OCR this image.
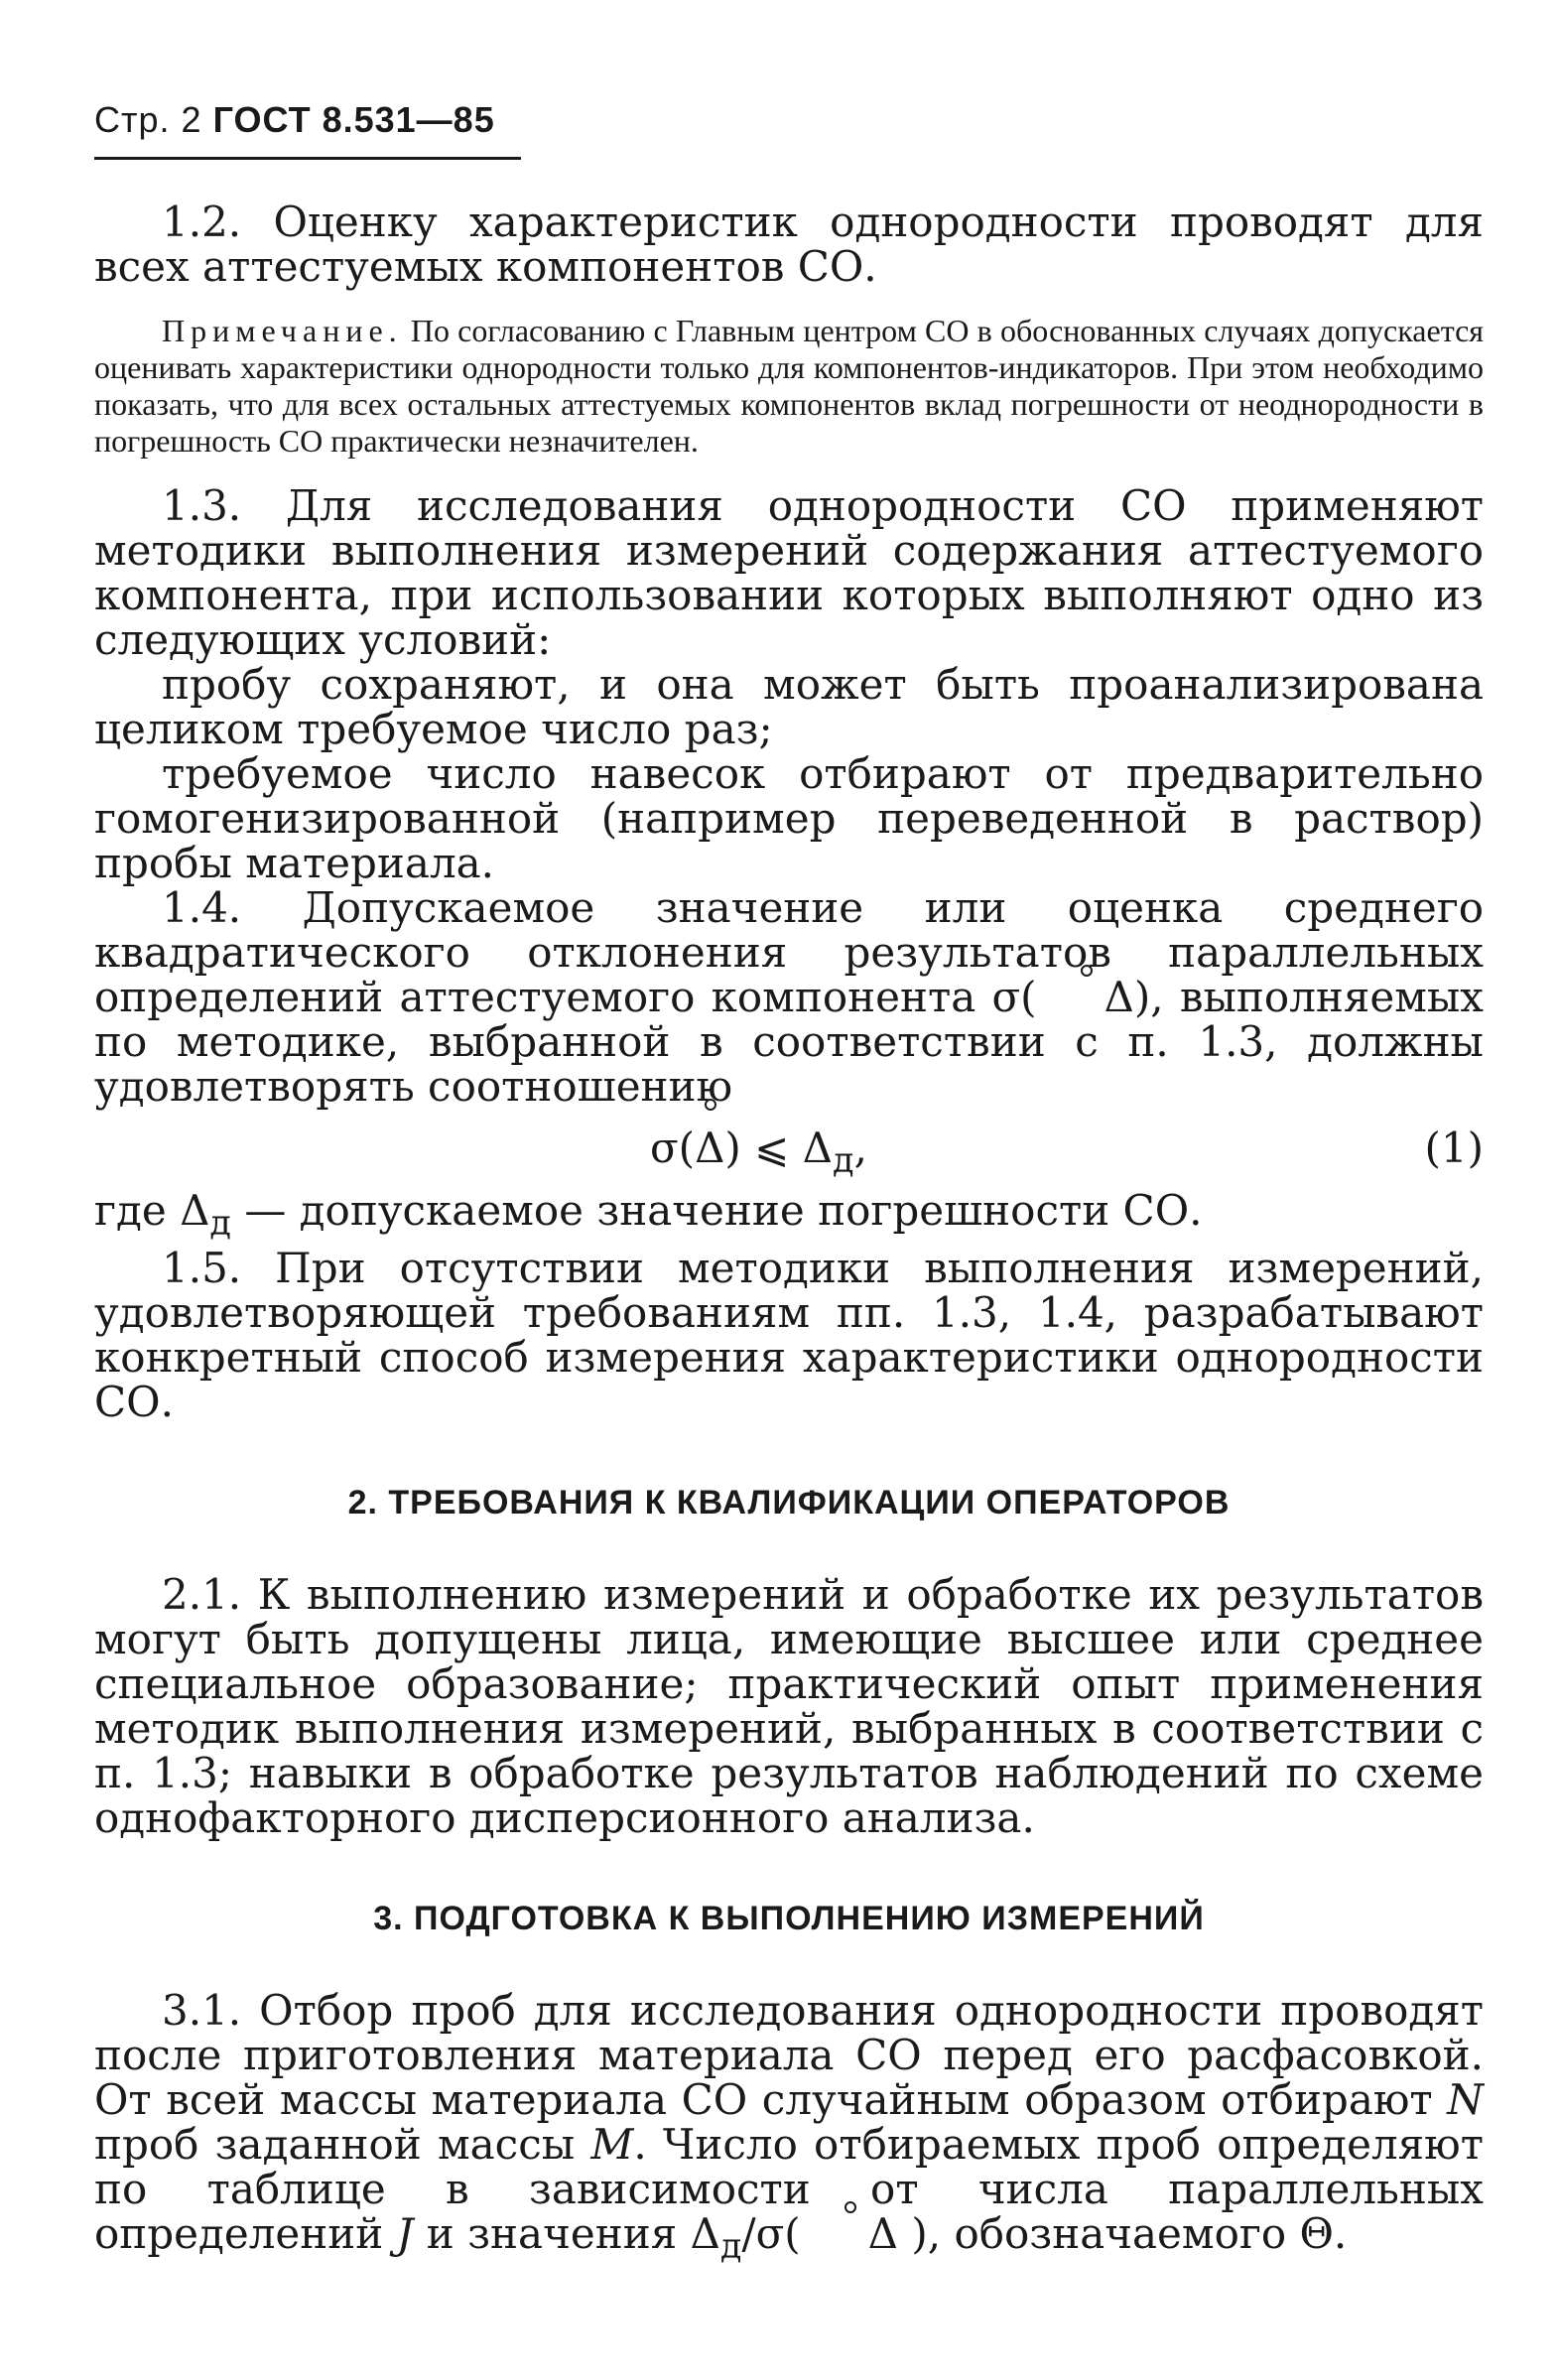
Стр. 2 ГОСТ 8.531—85

1.2. Оценку характеристик однородности проводят для всех аттестуемых компонентов СО.

Примечание. По согласованию с Главным центром СО в обоснованных случаях допускается оценивать характеристики однородности только для компонентов-индикаторов. При этом необходимо показать, что для всех остальных аттестуемых компонентов вклад погрешности от неоднородности в погрешность СО практически незначителен.

1.3. Для исследования однородности СО применяют методики выполнения измерений содержания аттестуемого компонента, при использовании которых выполняют одно из следующих условий:

пробу сохраняют, и она может быть проанализирована целиком требуемое число раз;

требуемое число навесок отбирают от предварительно гомогенизированной (например переведенной в раствор) пробы материала.

1.4. Допускаемое значение или оценка среднего квадратического отклонения результатов параллельных определений аттестуемого компонента σ( Δ), выполняемых по методике, выбранной в соответствии с п. 1.3, должны удовлетворять соотношению

σ(Δ) ⩽ $\Delta_д$,	(1)

где $\Delta_д$ — допускаемое значение погрешности СО.

1.5. При отсутствии методики выполнения измерений, удовлетворяющей требованиям пп. 1.3, 1.4, разрабатывают конкретный способ измерения характеристики однородности СО.

2. ТРЕБОВАНИЯ К КВАЛИФИКАЦИИ ОПЕРАТОРОВ

2.1. К выполнению измерений и обработке их результатов могут быть допущены лица, имеющие высшее или среднее специальное образование; практический опыт применения методик выполнения измерений, выбранных в соответствии с п. 1.3; навыки в обработке результатов наблюдений по схеме однофакторного дисперсионного анализа.

3. ПОДГОТОВКА К ВЫПОЛНЕНИЮ ИЗМЕРЕНИЙ

3.1. Отбор проб для исследования однородности проводят после приготовления материала СО перед его расфасовкой. От всей массы материала СО случайным образом отбирают N проб заданной массы M. Число отбираемых проб определяют по таблице в зависимости от числа параллельных определений J и значения $\Delta_д/\sigma$( Δ ), обозначаемого Θ.
